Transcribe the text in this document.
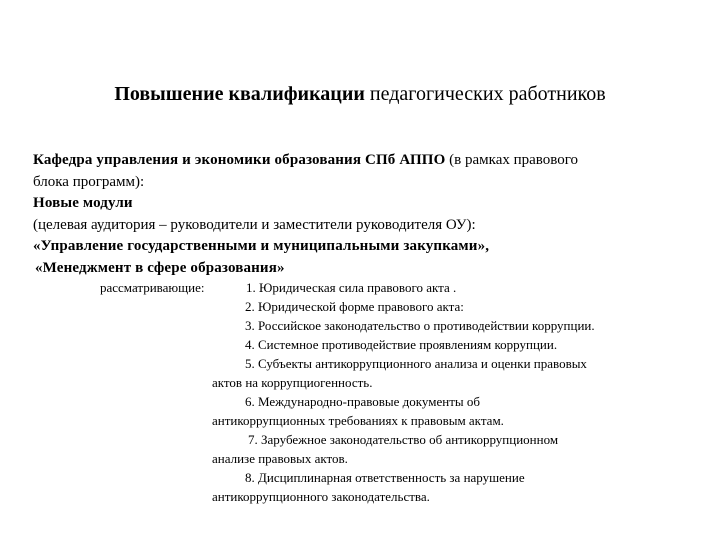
Повышение квалификации педагогических работников
Кафедра управления и экономики образования СПб АППО (в рамках правового
блока программ):
Новые модули
(целевая аудитория – руководители и заместители руководителя ОУ):
«Управление государственными и муниципальными закупками»,
«Менеджмент в сфере образования»
рассматривающие:	1. Юридическая сила правового акта .
2. Юридической форме правового акта:
3. Российское законодательство о противодействии коррупции.
4. Системное противодействие проявлениям коррупции.
5. Субъекты антикоррупционного анализа и оценки правовых
актов на коррупциогенность.
6. Международно-правовые документы об
антикоррупционных требованиях к правовым актам.
7. Зарубежное законодательство об антикоррупционном
анализе правовых актов.
8. Дисциплинарная ответственность за нарушение
антикоррупционного законодательства.
